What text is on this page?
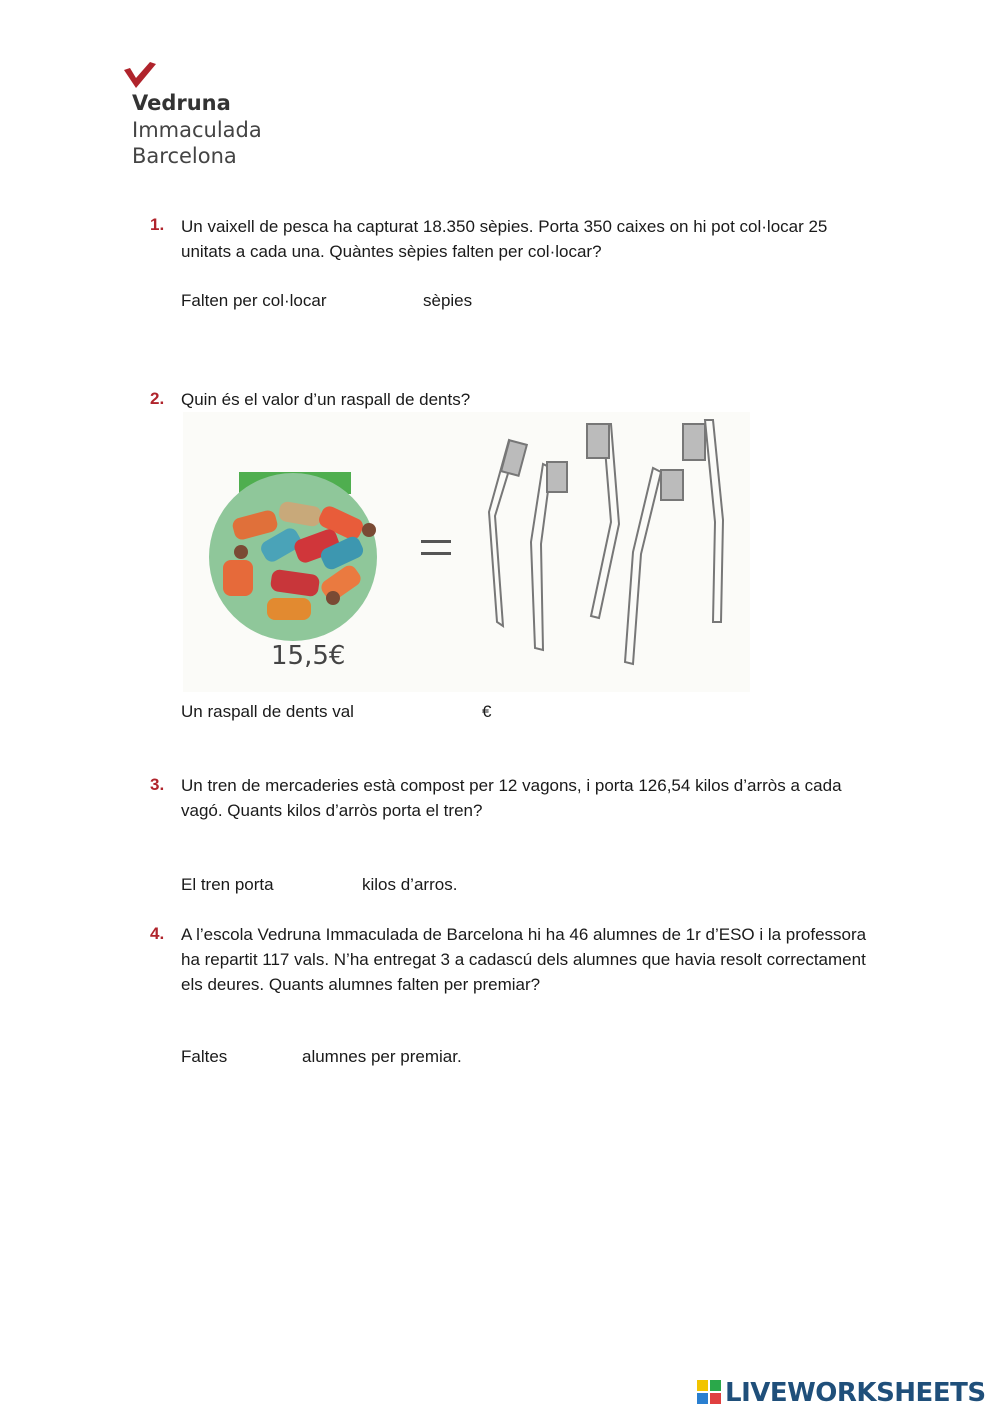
Vedruna
Immaculada
Barcelona
1. Un vaixell de pesca ha capturat 18.350 sèpies. Porta 350 caixes on hi pot col·locar 25 unitats a cada una. Quàntes sèpies falten per col·locar?
Falten per col·locar	sèpies
2. Quin és el valor d’un raspall de dents?
15,5€
Un raspall de dents val	€
3. Un tren de mercaderies està compost per 12 vagons, i porta 126,54 kilos d’arròs a cada vagó. Quants kilos d’arròs porta el tren?
El tren porta	kilos d’arros.
4. A l’escola Vedruna Immaculada de Barcelona hi ha 46 alumnes de 1r d’ESO i la professora ha repartit 117 vals. N’ha entregat 3 a cadascú dels alumnes que havia resolt correctament els deures. Quants alumnes falten per premiar?
Faltes	alumnes per premiar.
LIVEWORKSHEETS
